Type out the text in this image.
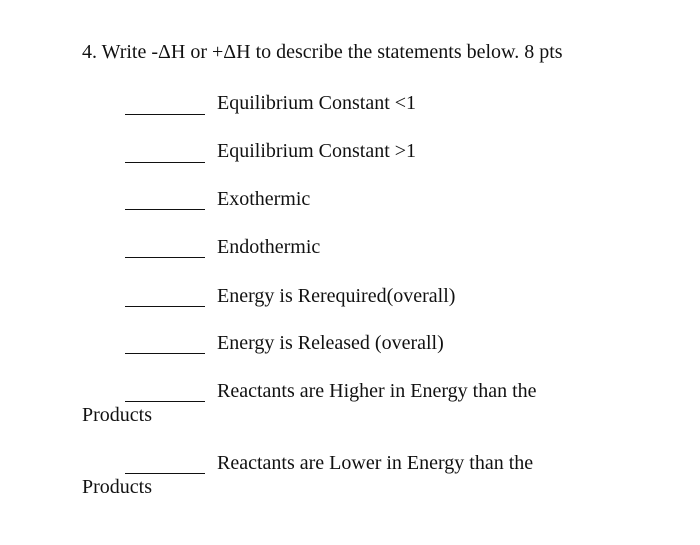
4. Write -ΔH or +ΔH to describe the statements below. 8 pts
Equilibrium Constant <1
Equilibrium Constant >1
Exothermic
Endothermic
Energy is Rerequired(overall)
Energy is Released (overall)
Reactants are Higher in Energy than the
Products
Reactants are Lower in Energy than the
Products
